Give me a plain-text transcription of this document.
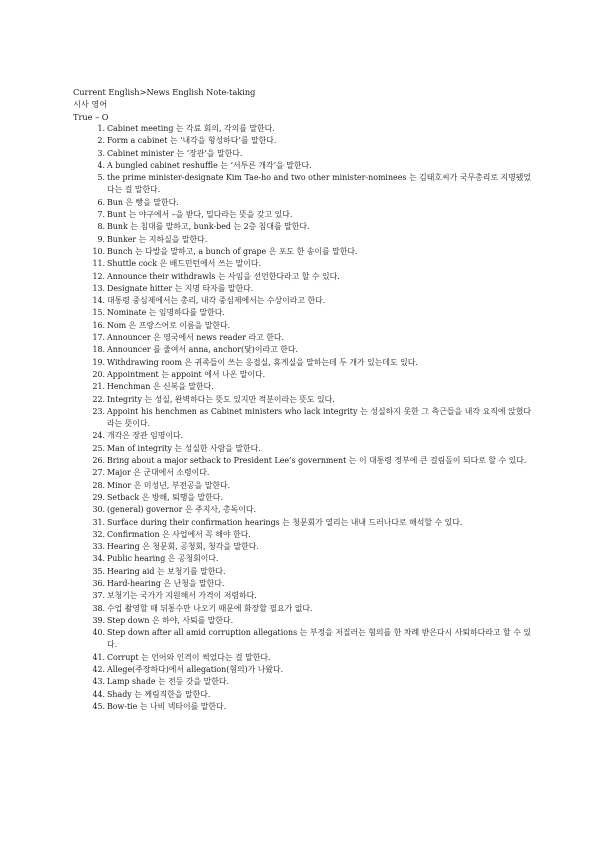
Current English>News English Note-taking
시사 영어
True – O
1 . Cabinet meeting 는 각료 회의, 각의를 말한다.
2 . Form a cabinet 는 ‘내각을 형성하다’를 말한다.
3 . Cabinet minister 는 ‘장관’을 말한다.
4 . A bungled cabinet reshuffle 는 ‘서투른 개각’을 말한다.
5 . the prime minister-designate Kim Tae-ho and two other minister-nominees 는 김태호씨가 국무총리로 지명됐었다는 걸 말한다.
6 . Bun 은 빵을 말한다.
7 . Bunt 는 야구에서 –을 받다, 밀다라는 뜻을 갖고 있다.
8 . Bunk 는 침대를 말하고, bunk-bed 는 2층 침대를 말한다.
9 . Bunker 는 지하실을 말한다.
10 . Bunch 는 다발을 말하고, a bunch of grape 은 포도 한 송이를 말한다.
11 . Shuttle cock 은 배드민턴에서 쓰는 말이다.
12 . Announce their withdrawls 는 사임을 선언한다라고 할 수 있다.
13 . Designate hitter 는 지명 타자를 말한다.
14 . 대통령 중심제에서는 총리, 내각 중심제에서는 수상이라고 한다.
15 . Nominate 는 임명하다를 말한다.
16 . Nom 은 프랑스어로 이름을 말한다.
17 . Announcer 은 영국에서 news reader 라고 한다.
18 . Announcer 를 줄여서 anna, anchor(닻)이라고 한다.
19 . Withdrawing room 은 귀족들이 쓰는 응접실, 휴게실을 말하는데 두 개가 있는데도 있다.
20 . Appointment 는 appoint 에서 나온 말이다.
21 . Henchman 은 신복을 말한다.
22 . Integrity 는 성실, 완벽하다는 뜻도 있지만 적분이라는 뜻도 있다.
23 . Appoint his henchmen as Cabinet ministers who lack integrity 는 성실하지 못한 그 측근들을 내각 요직에 앉혔다라는 뜻이다.
24 . 개각은 장관 임명이다.
25 . Man of integrity 는 성실한 사람을 말한다.
26 . Bring about a major setback to President Lee’s government 는 이 대통령 정부에 큰 걸림돌이 되다로 할 수 있다.
27 . Major 은 군대에서 소령이다.
28 . Minor 은 미성년, 부전공을 말한다.
29 . Setback 은 방해, 퇴행을 말한다.
30 . (general) governor 은 주지사, 총독이다.
31 . Surface during their confirmation hearings 는 청문회가 열리는 내내 드러나다로 해석할 수 있다.
32 . Confirmation 은 사업에서 꼭 해야 한다.
33 . Hearing 은 청문회, 공청회, 청각을 말한다.
34 . Public hearing 은 공청회이다.
35 . Hearing aid 는 보청기를 말한다.
36 . Hard-hearing 은 난청을 말한다.
37 . 보청기는 국가가 지원해서 가격이 저렴하다.
38 . 수업 촬영할 때 뒤통수만 나오기 때문에 화장할 필요가 없다.
39 . Step down 은 하야, 사퇴를 말한다.
40 . Step down after all amid corruption allegations 는 부정을 저질러는 혐의를 한 차례 받은다시 사퇴하다라고 할 수 있다.
41 . Corrupt 는 언어와 인격이 썩었다는 걸 말한다.
42 . Allege(주장하다)에서 allegation(혐의)가 나왔다.
43 . Lamp shade 는 전등 갓을 말한다.
44 . Shady 는 께림직한을 말한다.
45 . Bow-tie 는 나비 넥타이를 말한다.
